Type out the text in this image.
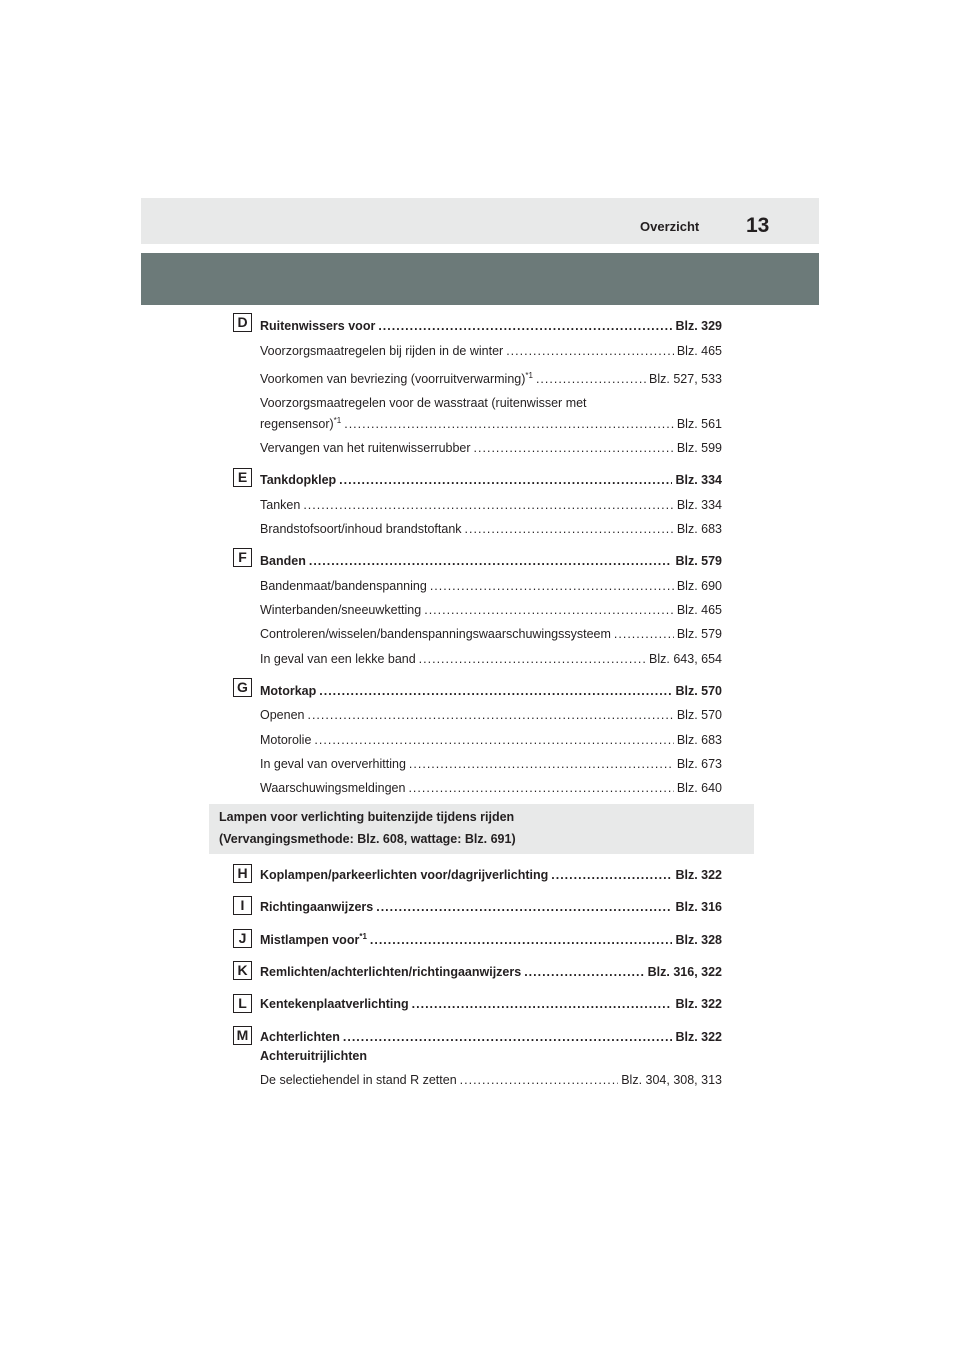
Overzicht 13
D Ruitenwissers voor .....	Blz. 329
Voorzorgsmaatregelen bij rijden in de winter .....	Blz. 465
Voorkomen van bevriezing (voorruitverwarming)$^{*1}$ .....	Blz. 527, 533
Voorzorgsmaatregelen voor de wasstraat (ruitenwisser met
regensensor)$^{*1}$ .....	Blz. 561
Vervangen van het ruitenwisserrubber .....	Blz. 599
E	Tankdopklep .....	Blz. 334
Tanken .....	Blz. 334
Brandstofsoort/inhoud brandstoftank .....	Blz. 683
F	Banden .....	Blz. 579
Bandenmaat/bandenspanning .....	Blz. 690
Winterbanden/sneeuwketting .....	Blz. 465
Controleren/wisselen/bandenspanningswaarschuwingssysteem .....	Blz. 579
In geval van een lekke band .....	Blz. 643, 654
G Motorkap .....	Blz. 570
Openen .....	Blz. 570
Motorolie .....	Blz. 683
In geval van oververhitting .....	Blz. 673
Waarschuwingsmeldingen .....	Blz. 640
Lampen voor verlichting buitenzijde tijdens rijden
(Vervangingsmethode: Blz. 608, wattage: Blz. 691)
H Koplampen/parkeerlichten voor/dagrijverlichting .....	Blz. 322
I	Richtingaanwijzers .....	Blz. 316
J	Mistlampen voor$^{*1}$ .....	Blz. 328
K Remlichten/achterlichten/richtingaanwijzers .....	Blz. 316, 322
L	Kentekenplaatverlichting .....	Blz. 322
M Achterlichten .....	Blz. 322
Achteruitrijlichten
De selectiehendel in stand R zetten .....	Blz. 304, 308, 313
